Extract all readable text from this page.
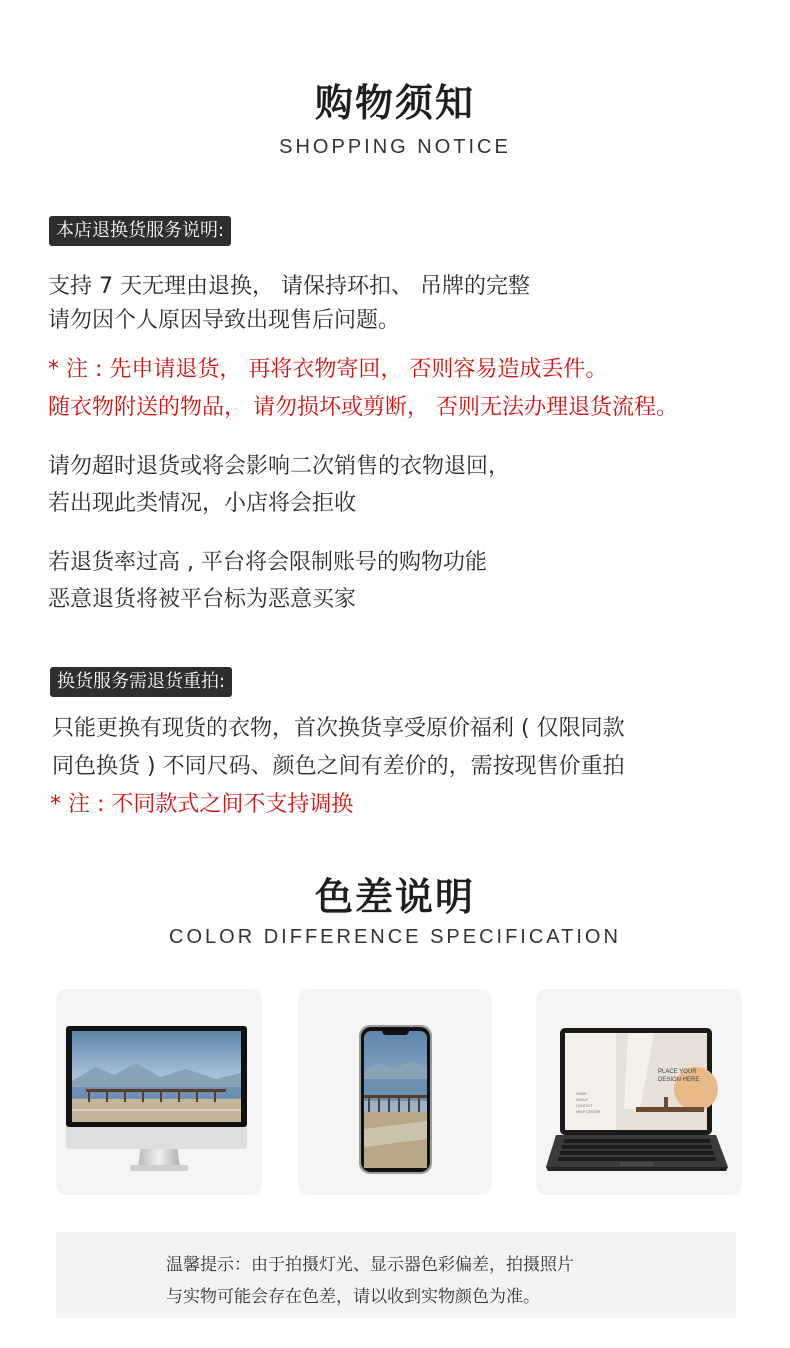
购物须知
SHOPPING NOTICE
本店退换货服务说明:
支持 7 天无理由退换， 请保持环扣、 吊牌的完整
请勿因个人原因导致出现售后问题。
* 注 : 先申请退货， 再将衣物寄回， 否则容易造成丢件。
随衣物附送的物品， 请勿损坏或剪断， 否则无法办理退货流程。
请勿超时退货或将会影响二次销售的衣物退回，
若出现此类情况，小店将会拒收
若退货率过高 , 平台将会限制账号的购物功能
恶意退货将被平台标为恶意买家
换货服务需退货重拍:
只能更换有现货的衣物，首次换货享受原价福利 ( 仅限同款
同色换货 ) 不同尺码、颜色之间有差价的，需按现售价重拍
* 注 : 不同款式之间不支持调换
色差说明
COLOR DIFFERENCE SPECIFICATION
PLACE YOUR
DESIGN HERE
HOME
ABOUT
CONTACT
HELP CENTER
温馨提示：由于拍摄灯光、显示器色彩偏差，拍摄照片
与实物可能会存在色差，请以收到实物颜色为准。
